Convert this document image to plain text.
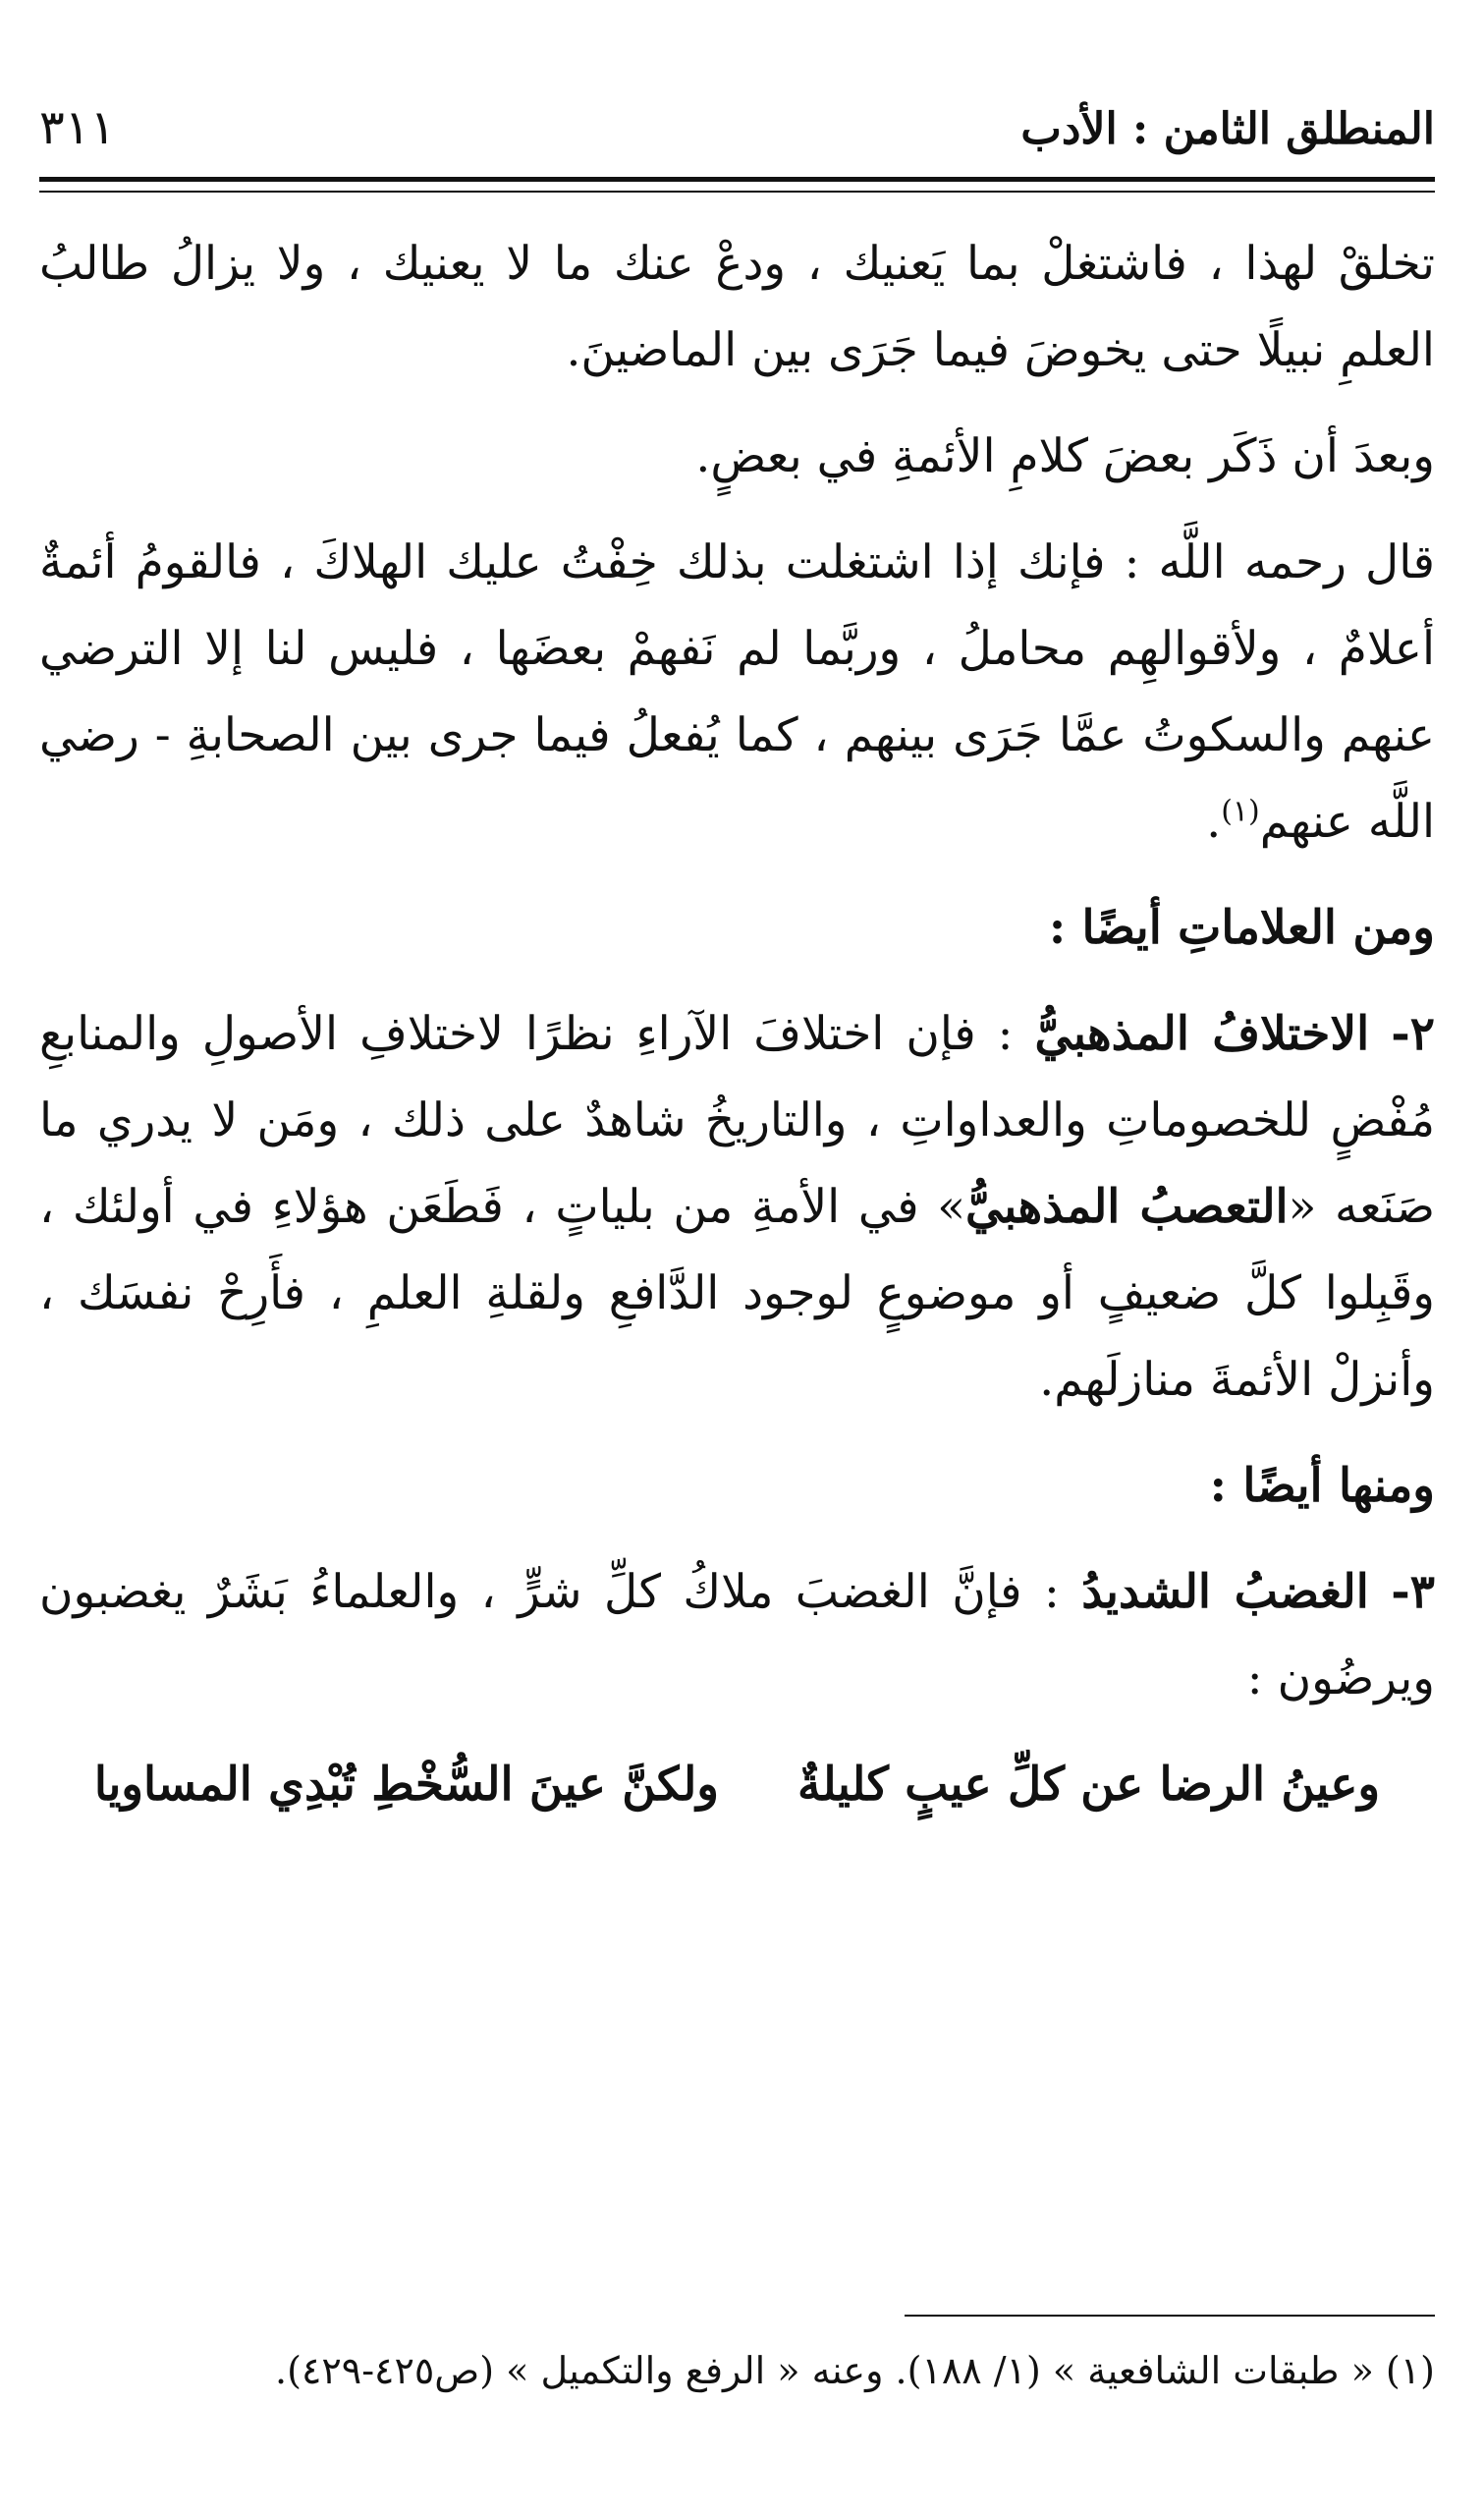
المنطلق الثامن : الأدب
٣١١

تخلقْ لهذا ، فاشتغلْ بما يَعنيك ، ودعْ عنك ما لا يعنيك ، ولا يزالُ طالبُ العلمِ نبيلًا حتى يخوضَ فيما جَرَى بين الماضينَ.

وبعدَ أن ذَكَر بعضَ كلامِ الأئمةِ في بعضٍ.

قال رحمه اللَّه : فإنك إذا اشتغلت بذلك خِفْتُ عليك الهلاكَ ، فالقومُ أئمةٌ أعلامٌ ، ولأقوالهِم محاملُ ، وربَّما لم نَفهمْ بعضَها ، فليس لنا إلا الترضي عنهم والسكوتُ عمَّا جَرَى بينهم ، كما يُفعلُ فيما جرى بين الصحابةِ - رضي اللَّه عنهم$^{(١)}$.

ومن العلاماتِ أيضًا :

٢- الاختلافُ المذهبيُّ : فإن اختلافَ الآراءِ نظرًا لاختلافِ الأصولِ والمنابعِ مُفْضٍ للخصوماتِ والعداواتِ ، والتاريخُ شاهدٌ على ذلك ، ومَن لا يدري ما صَنَعه «التعصبُ المذهبيُّ» في الأمةِ من بلياتٍ ، فَطَعَن هؤلاءِ في أولئك ، وقَبِلوا كلَّ ضعيفٍ أو موضوعٍ لوجود الدَّافعِ ولقلةِ العلمِ ، فأَرِحْ نفسَك ، وأنزلْ الأئمةَ منازلَهم.

ومنها أيضًا :

٣- الغضبُ الشديدُ : فإنَّ الغضبَ ملاكُ كلِّ شرٍّ ، والعلماءُ بَشَرٌ يغضبون ويرضُون :

وعينُ الرضا عن كلِّ عيبٍ كليلةٌ
ولكنَّ عينَ السُّخْطِ تُبْدِي المساويا
(١) « طبقات الشافعية » (١/ ١٨٨). وعنه « الرفع والتكميل » (ص٤٢٥-٤٢٩).
